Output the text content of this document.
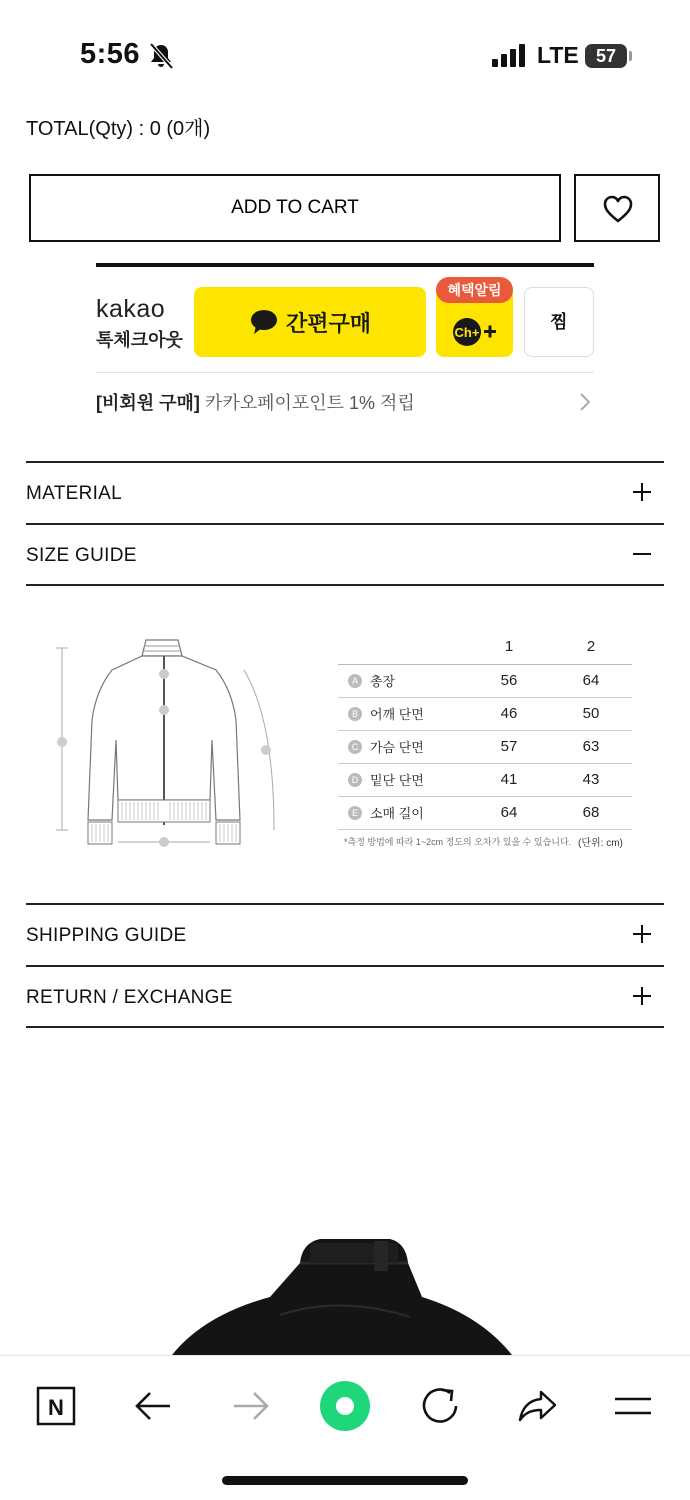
5:56	LTE 57
TOTAL(Qty) : 0 (0개)
ADD TO CART
kakao
톡체크아웃
간편구매	Ch+
혜택알림
찜
[비회원 구매] 카카오페이포인트 1% 적립
MATERIAL
SIZE GUIDE
	1	2

A 총장	56	64

B 어깨 단면	46	50

C 가슴 단면	57	63

D 밑단 단면	41	43

E 소매 길이	64	68
*측정 방법에 따라 1~2cm 정도의 오차가 있을 수 있습니다. (단위: cm)
SHIPPING GUIDE
RETURN / EXCHANGE
N
